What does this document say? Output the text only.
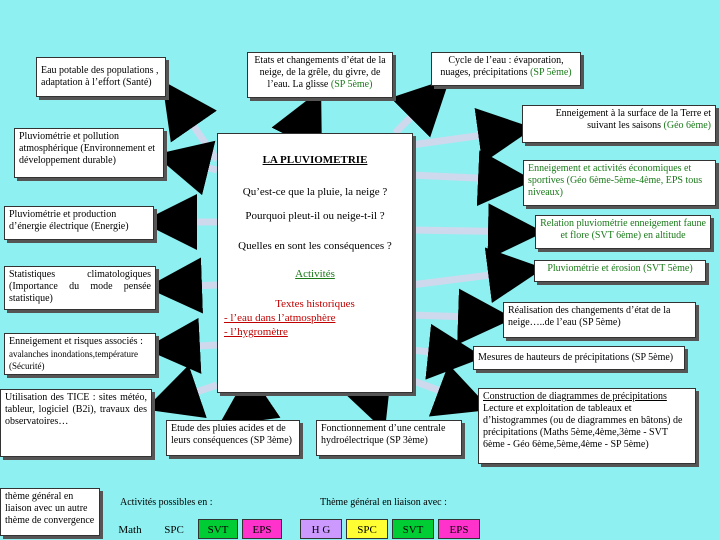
Eau potable des populations , adaptation à l’effort (Santé)
Etats et changements d’état de la neige, de la grêle, du givre, de l’eau. La glisse (SP 5ème)
Cycle de l’eau : évaporation, nuages, précipitations (SP 5ème)
Pluviométrie et pollution atmosphérique (Environnement et développement durable)
Enneigement à la surface de la Terre et suivant les saisons (Géo 6ème)
Enneigement et activités économiques et sportives (Géo 6ème-5ème-4ème, EPS tous niveaux)
Pluviométrie et production d’énergie électrique (Energie)	Relation pluviométrie enneigement faune et flore (SVT 6ème) en altitude
Statistiques climatologiques (Importance du mode pensée statistique)
Pluviométrie et érosion (SVT 5ème)
Réalisation des changements d’état de la neige…..de l’eau (SP 5ème)
Enneigement et risques associés :
avalanches inondations,température (Sécurité)
Mesures de hauteurs de précipitations (SP 5ème)
Utilisation des TICE : sites météo, tableur, logiciel (B2i), travaux des observatoires…
Etude des pluies acides et de leurs conséquences (SP 3ème)
Fonctionnement d’une centrale hydroélectrique (SP 3ème)
Construction de diagrammes de précipitations
Lecture et exploitation de tableaux et d’histogrammes (ou de diagrammes en bâtons) de précipitations (Maths 5ème,4ème,3ème - SVT 6ème - Géo 6ème,5ème,4ème - SP 5ème)
LA PLUVIOMETRIE
Qu’est-ce que la pluie, la neige ?
Pourquoi pleut-il ou neige-t-il ?
Quelles en sont les conséquences ?
Activités
Textes historiques
- l’eau dans l’atmosphère
- l’hygromètre
thème général en liaison avec un autre thème de convergence
Activités possibles en :	Thème général en liaison avec :
Math	SPC	SVT	EPS	H G	SPC	SVT	EPS
